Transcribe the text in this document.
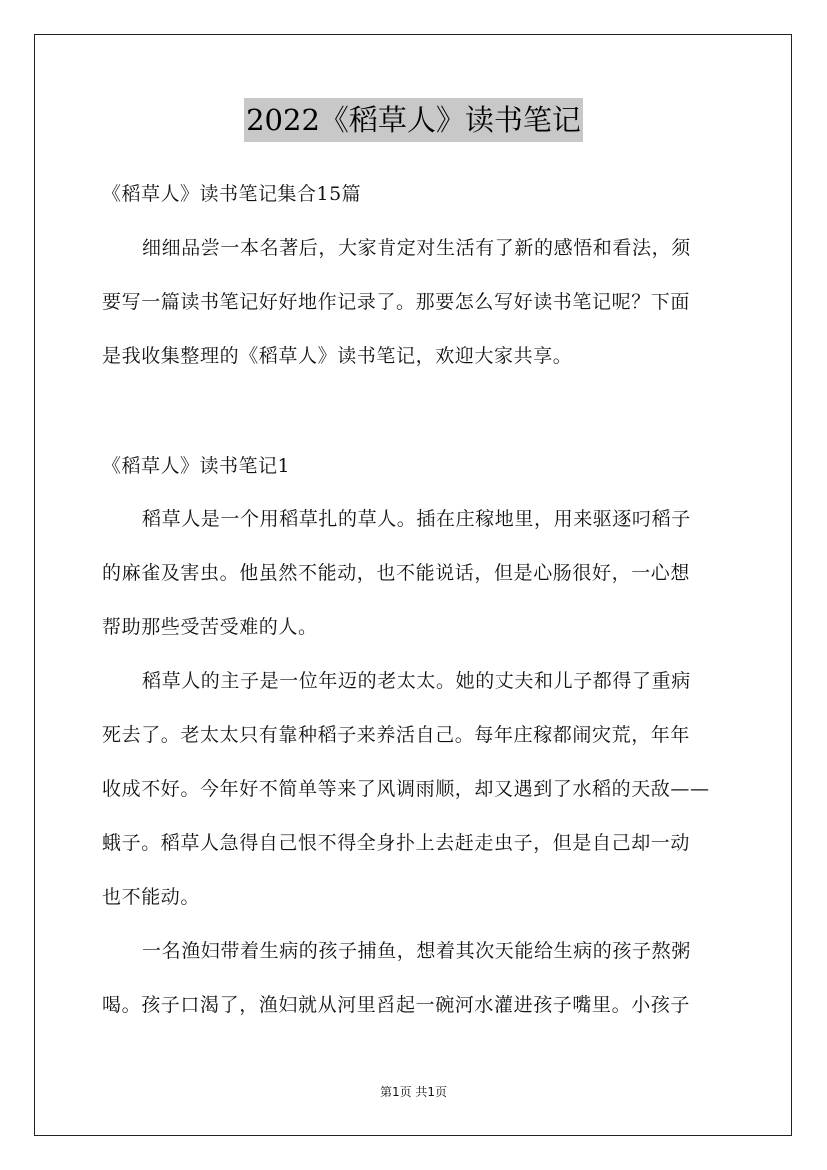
2022《稻草人》读书笔记
《稻草人》读书笔记集合15篇
细细品尝一本名著后，大家肯定对生活有了新的感悟和看法，须
要写一篇读书笔记好好地作记录了。那要怎么写好读书笔记呢？下面
是我收集整理的《稻草人》读书笔记，欢迎大家共享。
《稻草人》读书笔记1
稻草人是一个用稻草扎的草人。插在庄稼地里，用来驱逐叼稻子
的麻雀及害虫。他虽然不能动，也不能说话，但是心肠很好，一心想
帮助那些受苦受难的人。
稻草人的主子是一位年迈的老太太。她的丈夫和儿子都得了重病
死去了。老太太只有靠种稻子来养活自己。每年庄稼都闹灾荒，年年
收成不好。今年好不简单等来了风调雨顺，却又遇到了水稻的天敌——
蛾子。稻草人急得自己恨不得全身扑上去赶走虫子，但是自己却一动
也不能动。
一名渔妇带着生病的孩子捕鱼，想着其次天能给生病的孩子熬粥
喝。孩子口渴了，渔妇就从河里舀起一碗河水灌进孩子嘴里。小孩子
第1页 共1页
